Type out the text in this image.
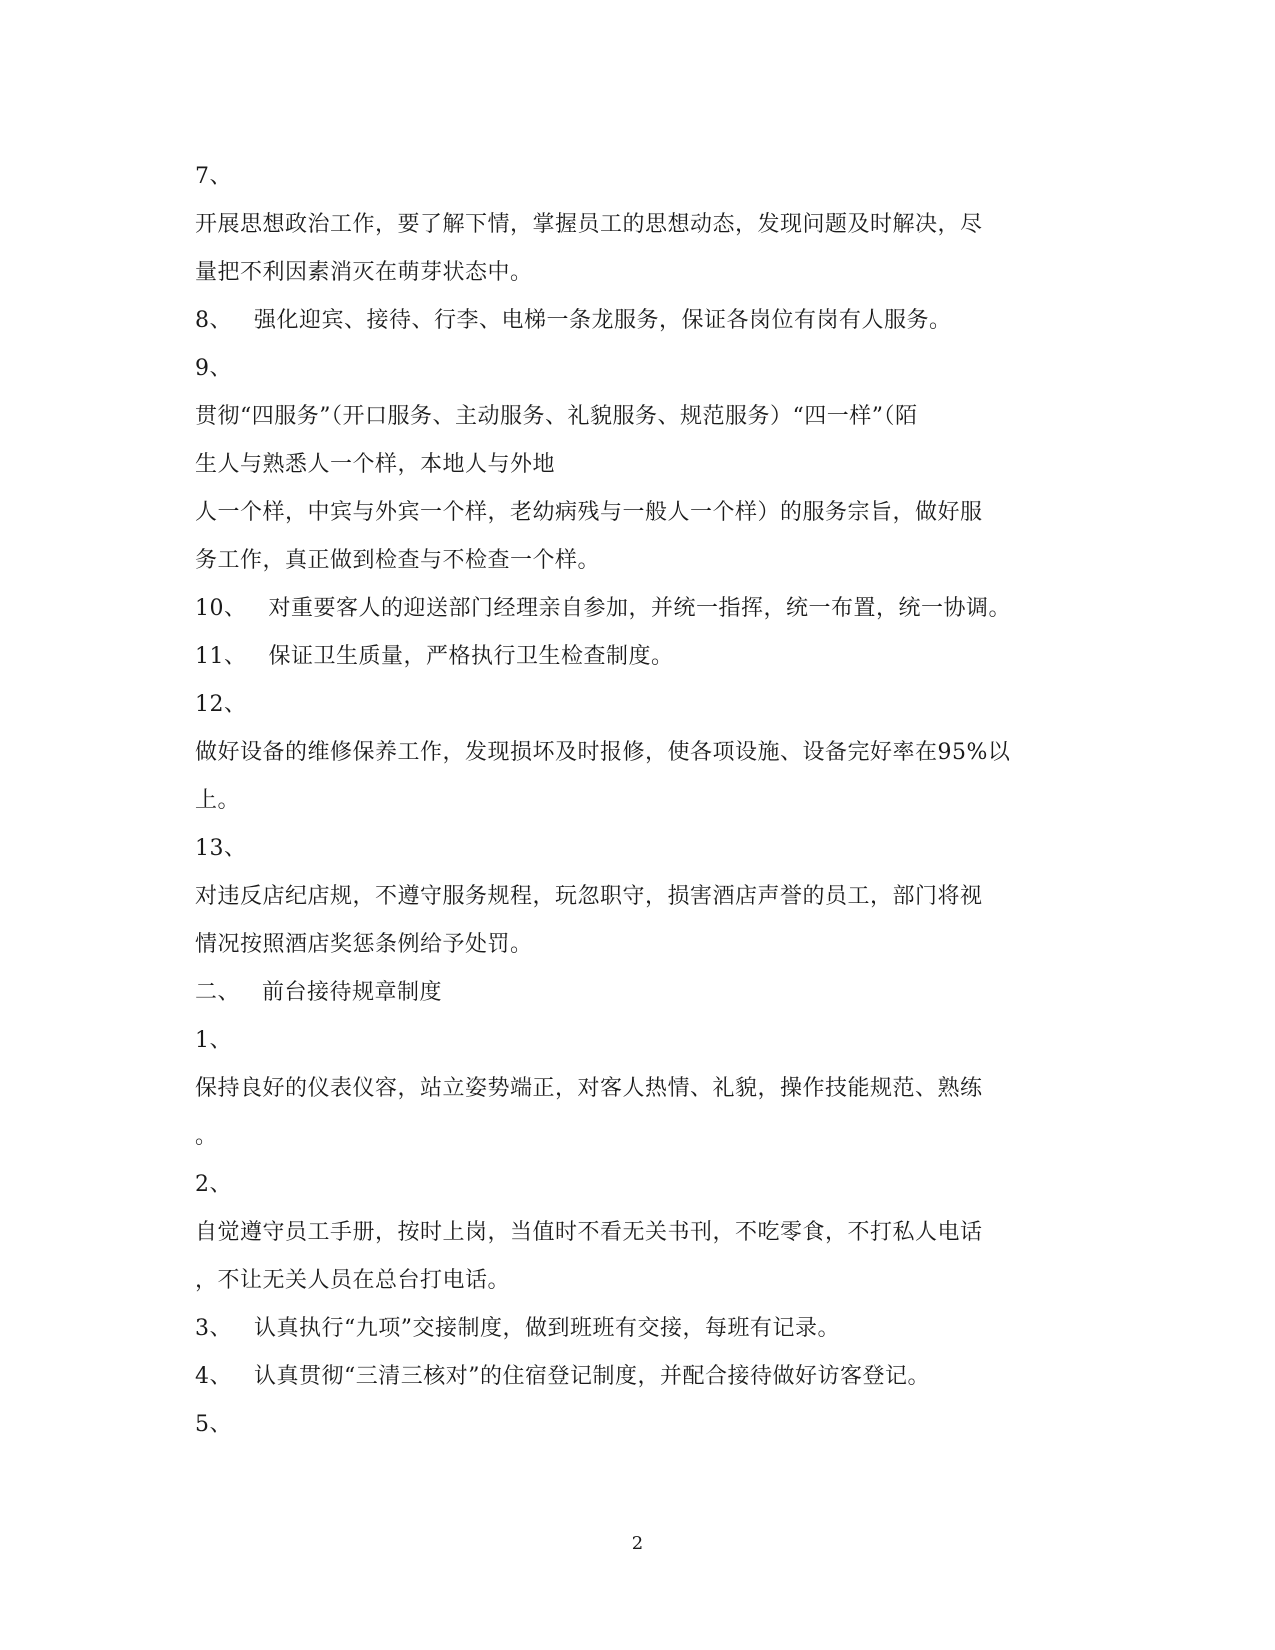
7、
开展思想政治工作，要了解下情，掌握员工的思想动态，发现问题及时解决，尽
量把不利因素消灭在萌芽状态中。
8、 强化迎宾、接待、行李、电梯一条龙服务，保证各岗位有岗有人服务。
9、
贯彻“四服务”（开口服务、主动服务、礼貌服务、规范服务）“四一样”（陌
生人与熟悉人一个样，本地人与外地
人一个样，中宾与外宾一个样，老幼病残与一般人一个样）的服务宗旨，做好服
务工作，真正做到检查与不检查一个样。
10、 对重要客人的迎送部门经理亲自参加，并统一指挥，统一布置，统一协调。
11、 保证卫生质量，严格执行卫生检查制度。
12、
做好设备的维修保养工作，发现损坏及时报修，使各项设施、设备完好率在95%以
上。
13、
对违反店纪店规，不遵守服务规程，玩忽职守，损害酒店声誉的员工，部门将视
情况按照酒店奖惩条例给予处罚。
二、 前台接待规章制度
1、
保持良好的仪表仪容，站立姿势端正，对客人热情、礼貌，操作技能规范、熟练
。
2、
自觉遵守员工手册，按时上岗，当值时不看无关书刊，不吃零食，不打私人电话
，不让无关人员在总台打电话。
3、 认真执行“九项”交接制度，做到班班有交接，每班有记录。
4、 认真贯彻“三清三核对”的住宿登记制度，并配合接待做好访客登记。
5、
2
